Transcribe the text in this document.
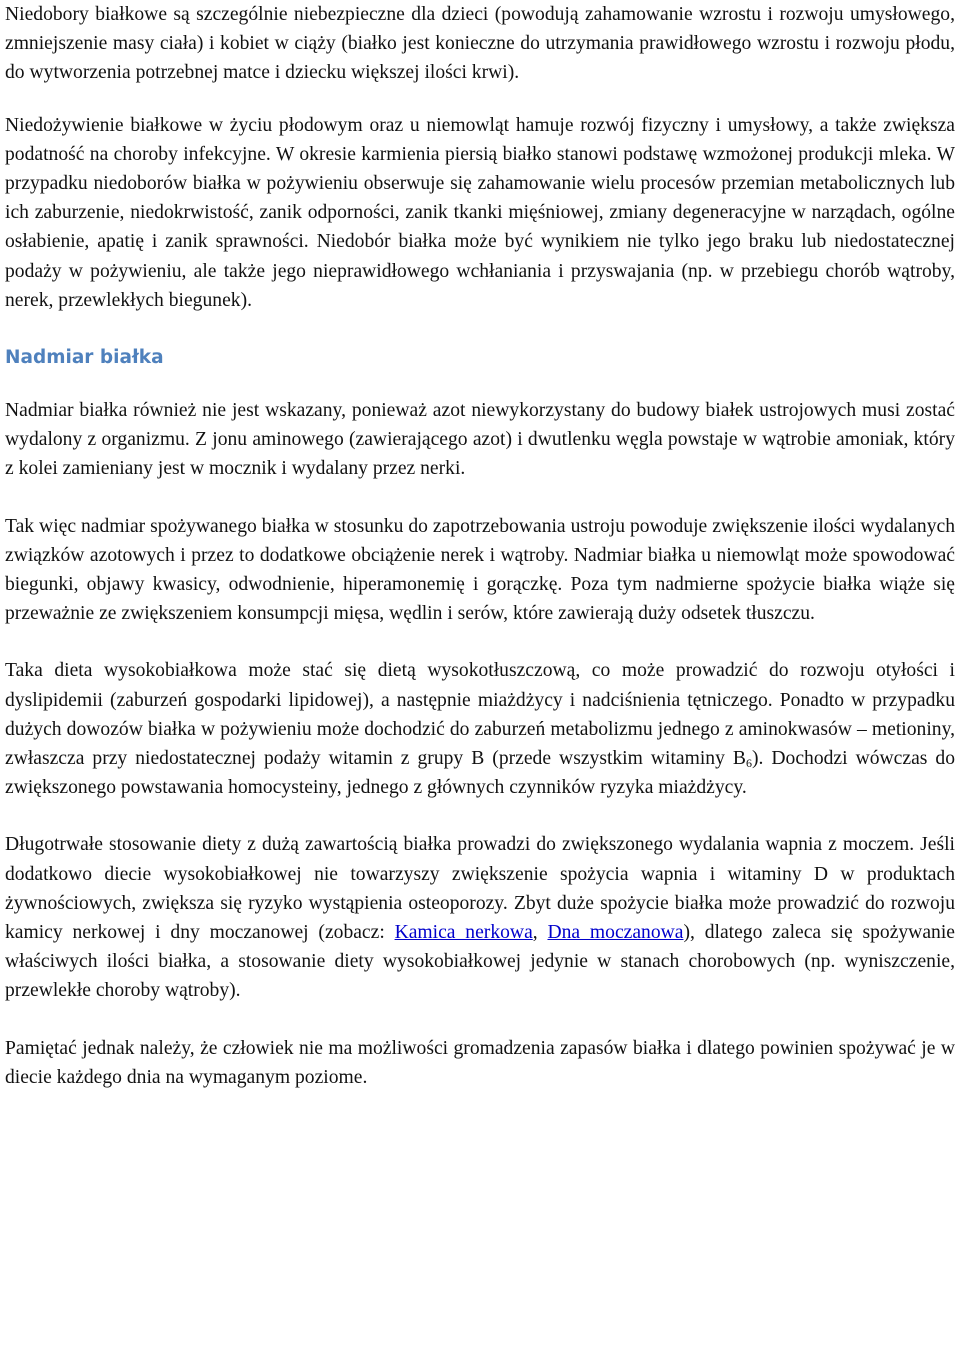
Niedobory białkowe są szczególnie niebezpieczne dla dzieci (powodują zahamowanie wzrostu i rozwoju umysłowego, zmniejszenie masy ciała) i kobiet w ciąży (białko jest konieczne do utrzymania prawidłowego wzrostu i rozwoju płodu, do wytworzenia potrzebnej matce i dziecku większej ilości krwi).

Niedożywienie białkowe w życiu płodowym oraz u niemowląt hamuje rozwój fizyczny i umysłowy, a także zwiększa podatność na choroby infekcyjne. W okresie karmienia piersią białko stanowi podstawę wzmożonej produkcji mleka. W przypadku niedoborów białka w pożywieniu obserwuje się zahamowanie wielu procesów przemian metabolicznych lub ich zaburzenie, niedokrwistość, zanik odporności, zanik tkanki mięśniowej, zmiany degeneracyjne w narządach, ogólne osłabienie, apatię i zanik sprawności. Niedobór białka może być wynikiem nie tylko jego braku lub niedostatecznej podaży w pożywieniu, ale także jego nieprawidłowego wchłaniania i przyswajania (np. w przebiegu chorób wątroby, nerek, przewlekłych biegunek).

Nadmiar białka

Nadmiar białka również nie jest wskazany, ponieważ azot niewykorzystany do budowy białek ustrojowych musi zostać wydalony z organizmu. Z jonu aminowego (zawierającego azot) i dwutlenku węgla powstaje w wątrobie amoniak, który z kolei zamieniany jest w mocznik i wydalany przez nerki.

Tak więc nadmiar spożywanego białka w stosunku do zapotrzebowania ustroju powoduje zwiększenie ilości wydalanych związków azotowych i przez to dodatkowe obciążenie nerek i wątroby. Nadmiar białka u niemowląt może spowodować biegunki, objawy kwasicy, odwodnienie, hiperamonemię i gorączkę. Poza tym nadmierne spożycie białka wiąże się przeważnie ze zwiększeniem konsumpcji mięsa, wędlin i serów, które zawierają duży odsetek tłuszczu.

Taka dieta wysokobiałkowa może stać się dietą wysokotłuszczową, co może prowadzić do rozwoju otyłości i dyslipidemii (zaburzeń gospodarki lipidowej), a następnie miażdżycy i nadciśnienia tętniczego. Ponadto w przypadku dużych dowozów białka w pożywieniu może dochodzić do zaburzeń metabolizmu jednego z aminokwasów – metioniny, zwłaszcza przy niedostatecznej podaży witamin z grupy B (przede wszystkim witaminy $B_6$). Dochodzi wówczas do zwiększonego powstawania homocysteiny, jednego z głównych czynników ryzyka miażdżycy.

Długotrwałe stosowanie diety z dużą zawartością białka prowadzi do zwiększonego wydalania wapnia z moczem. Jeśli dodatkowo diecie wysokobiałkowej nie towarzyszy zwiększenie spożycia wapnia i witaminy D w produktach żywnościowych, zwiększa się ryzyko wystąpienia osteoporozy. Zbyt duże spożycie białka może prowadzić do rozwoju kamicy nerkowej i dny moczanowej (zobacz: Kamica nerkowa, Dna moczanowa), dlatego zaleca się spożywanie właściwych ilości białka, a stosowanie diety wysokobiałkowej jedynie w stanach chorobowych (np. wyniszczenie, przewlekłe choroby wątroby).

Pamiętać jednak należy, że człowiek nie ma możliwości gromadzenia zapasów białka i dlatego powinien spożywać je w diecie każdego dnia na wymaganym poziome.
